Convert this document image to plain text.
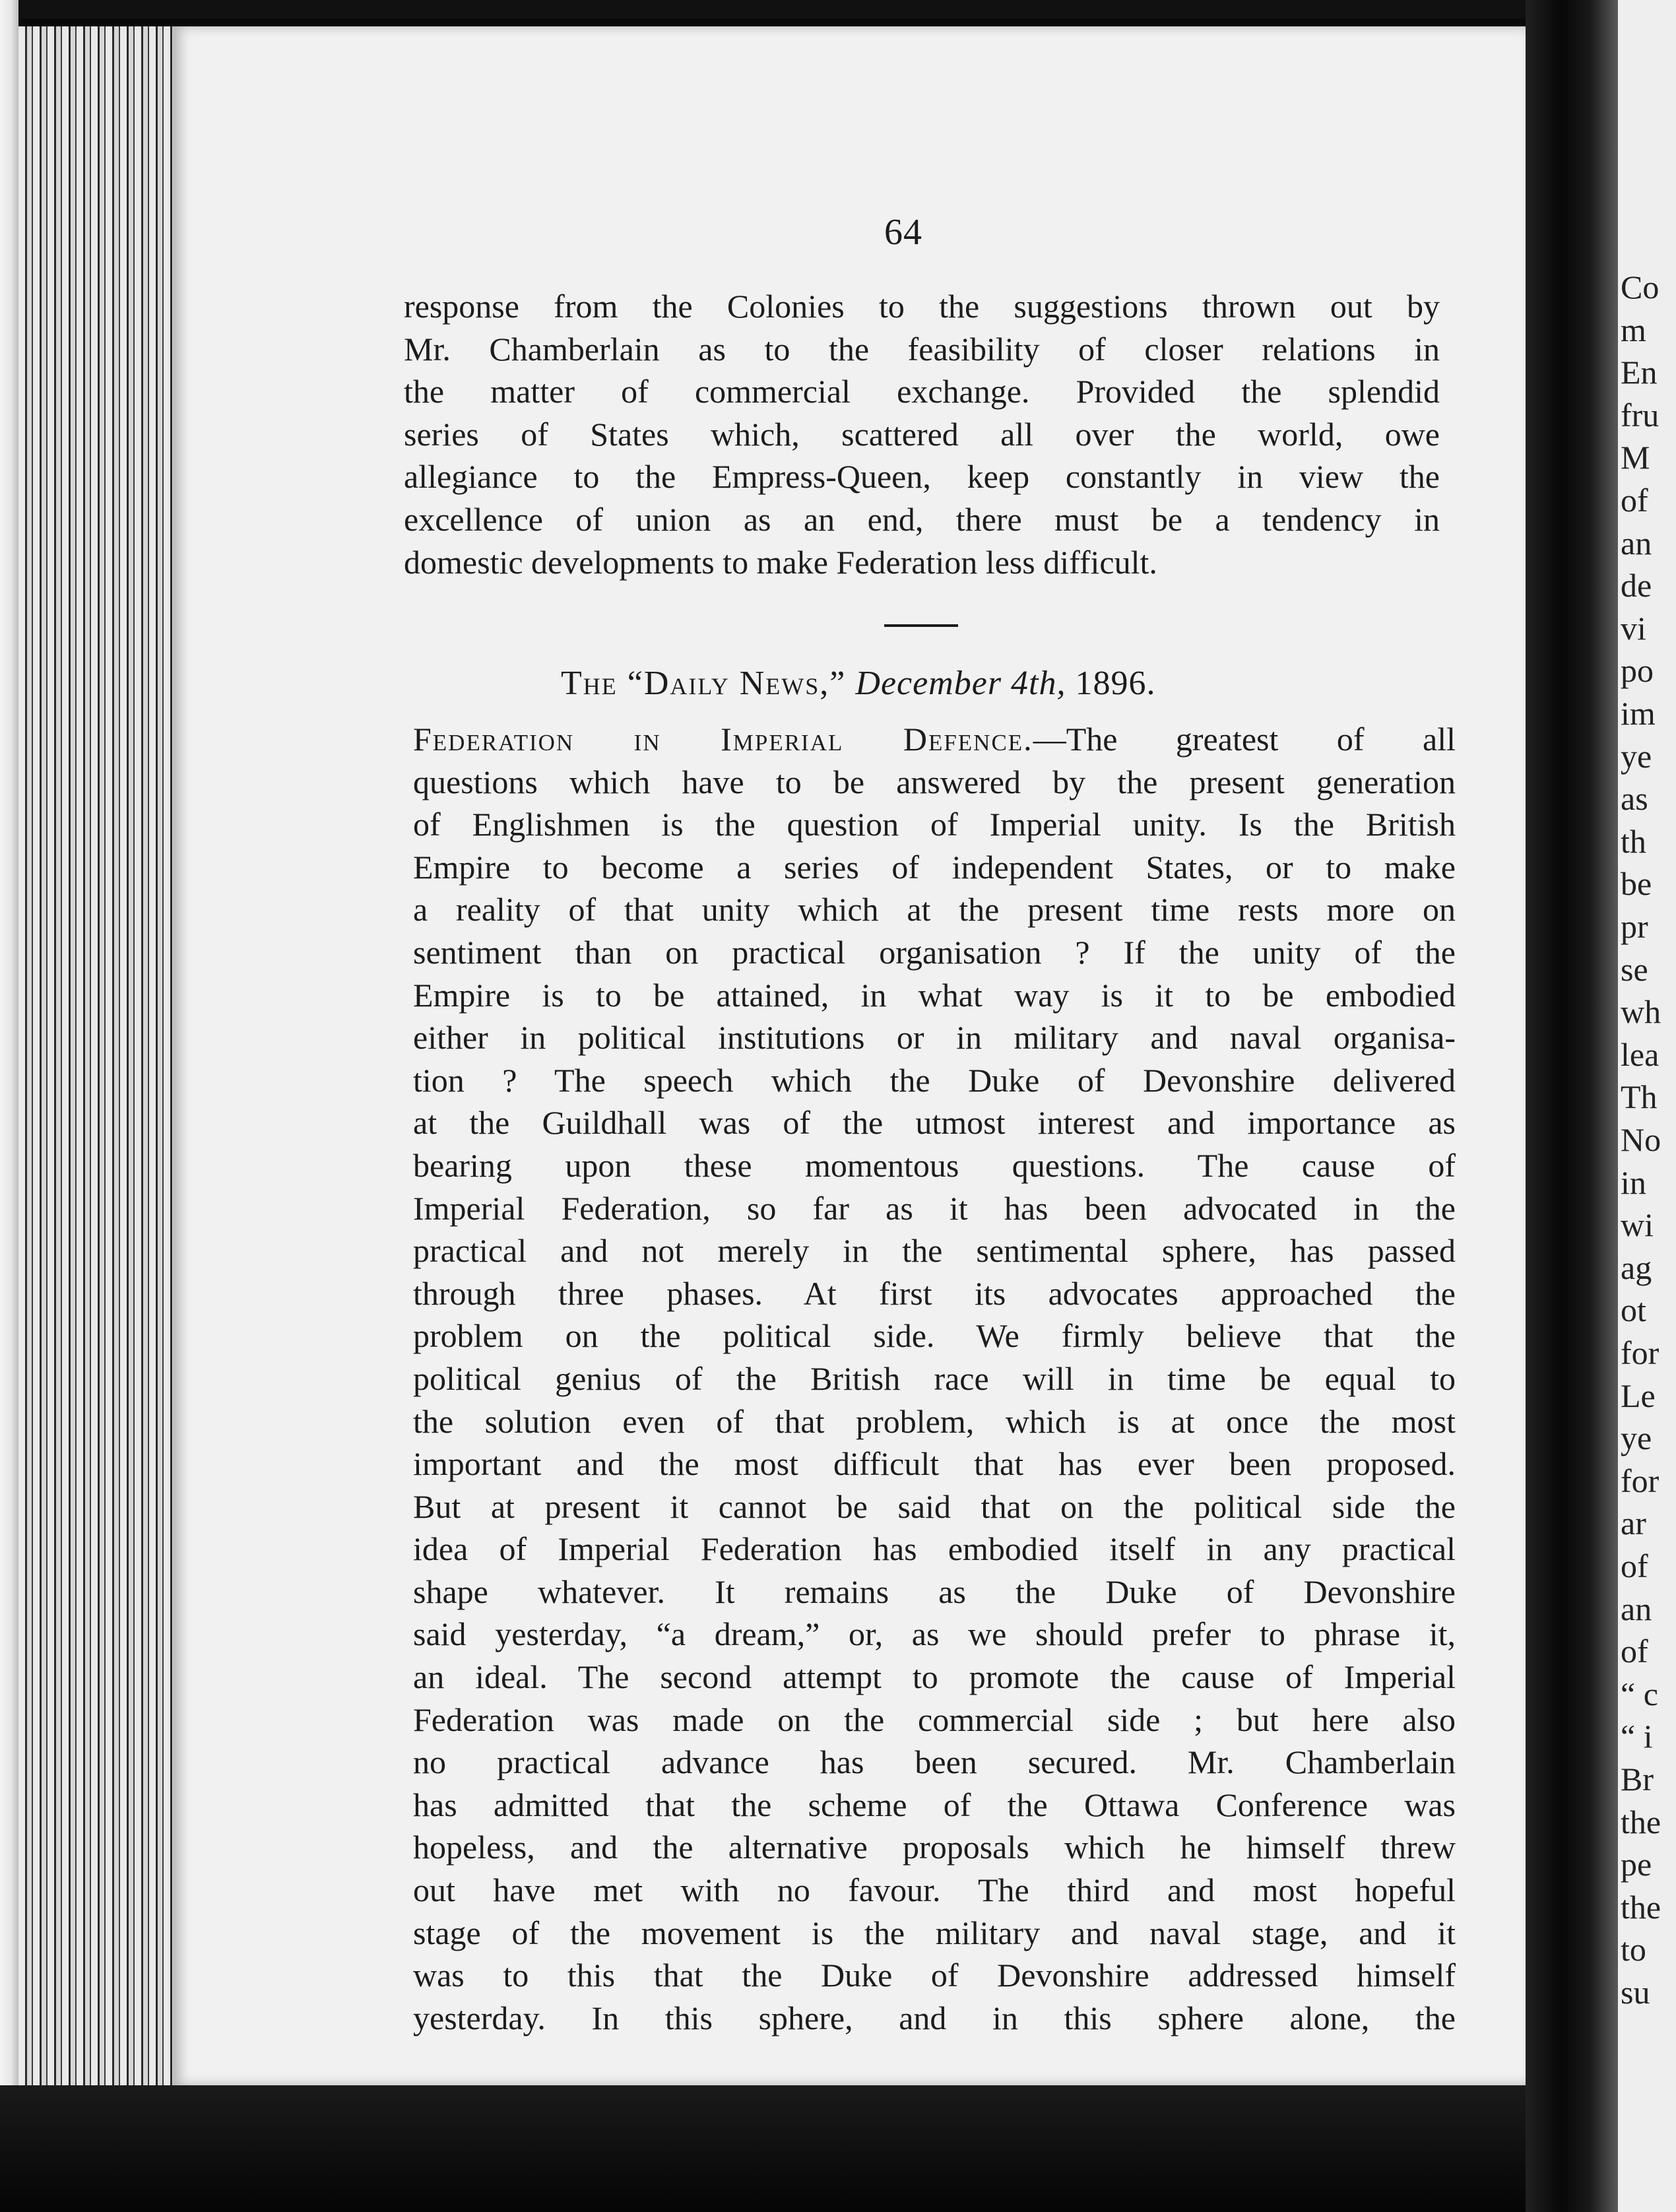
Co
m
En
fru
M
of
an
de
vi
po
im
ye
as
th
be
pr
se
wh
lea
Th
No
in
wi
ag
ot
for
Le
ye
for
ar
of
an
of
“ c
“ i
Br
the
pe
the
to
su
64
response from the Colonies to the suggestions thrown out by
Mr. Chamberlain as to the feasibility of closer relations in
the matter of commercial exchange. Provided the splendid
series of States which, scattered all over the world, owe
allegiance to the Empress-Queen, keep constantly in view the
excellence of union as an end, there must be a tendency in
domestic developments to make Federation less difficult.
The “Daily News,” December 4th, 1896.
Federation in Imperial Defence.—The greatest of all
questions which have to be answered by the present generation
of Englishmen is the question of Imperial unity. Is the British
Empire to become a series of independent States, or to make
a reality of that unity which at the present time rests more on
sentiment than on practical organisation ? If the unity of the
Empire is to be attained, in what way is it to be embodied
either in political institutions or in military and naval organisa-
tion ? The speech which the Duke of Devonshire delivered
at the Guildhall was of the utmost interest and importance as
bearing upon these momentous questions. The cause of
Imperial Federation, so far as it has been advocated in the
practical and not merely in the sentimental sphere, has passed
through three phases. At first its advocates approached the
problem on the political side. We firmly believe that the
political genius of the British race will in time be equal to
the solution even of that problem, which is at once the most
important and the most difficult that has ever been proposed.
But at present it cannot be said that on the political side the
idea of Imperial Federation has embodied itself in any practical
shape whatever. It remains as the Duke of Devonshire
said yesterday, “a dream,” or, as we should prefer to phrase it,
an ideal. The second attempt to promote the cause of Imperial
Federation was made on the commercial side ; but here also
no practical advance has been secured. Mr. Chamberlain
has admitted that the scheme of the Ottawa Conference was
hopeless, and the alternative proposals which he himself threw
out have met with no favour. The third and most hopeful
stage of the movement is the military and naval stage, and it
was to this that the Duke of Devonshire addressed himself
yesterday. In this sphere, and in this sphere alone, the
